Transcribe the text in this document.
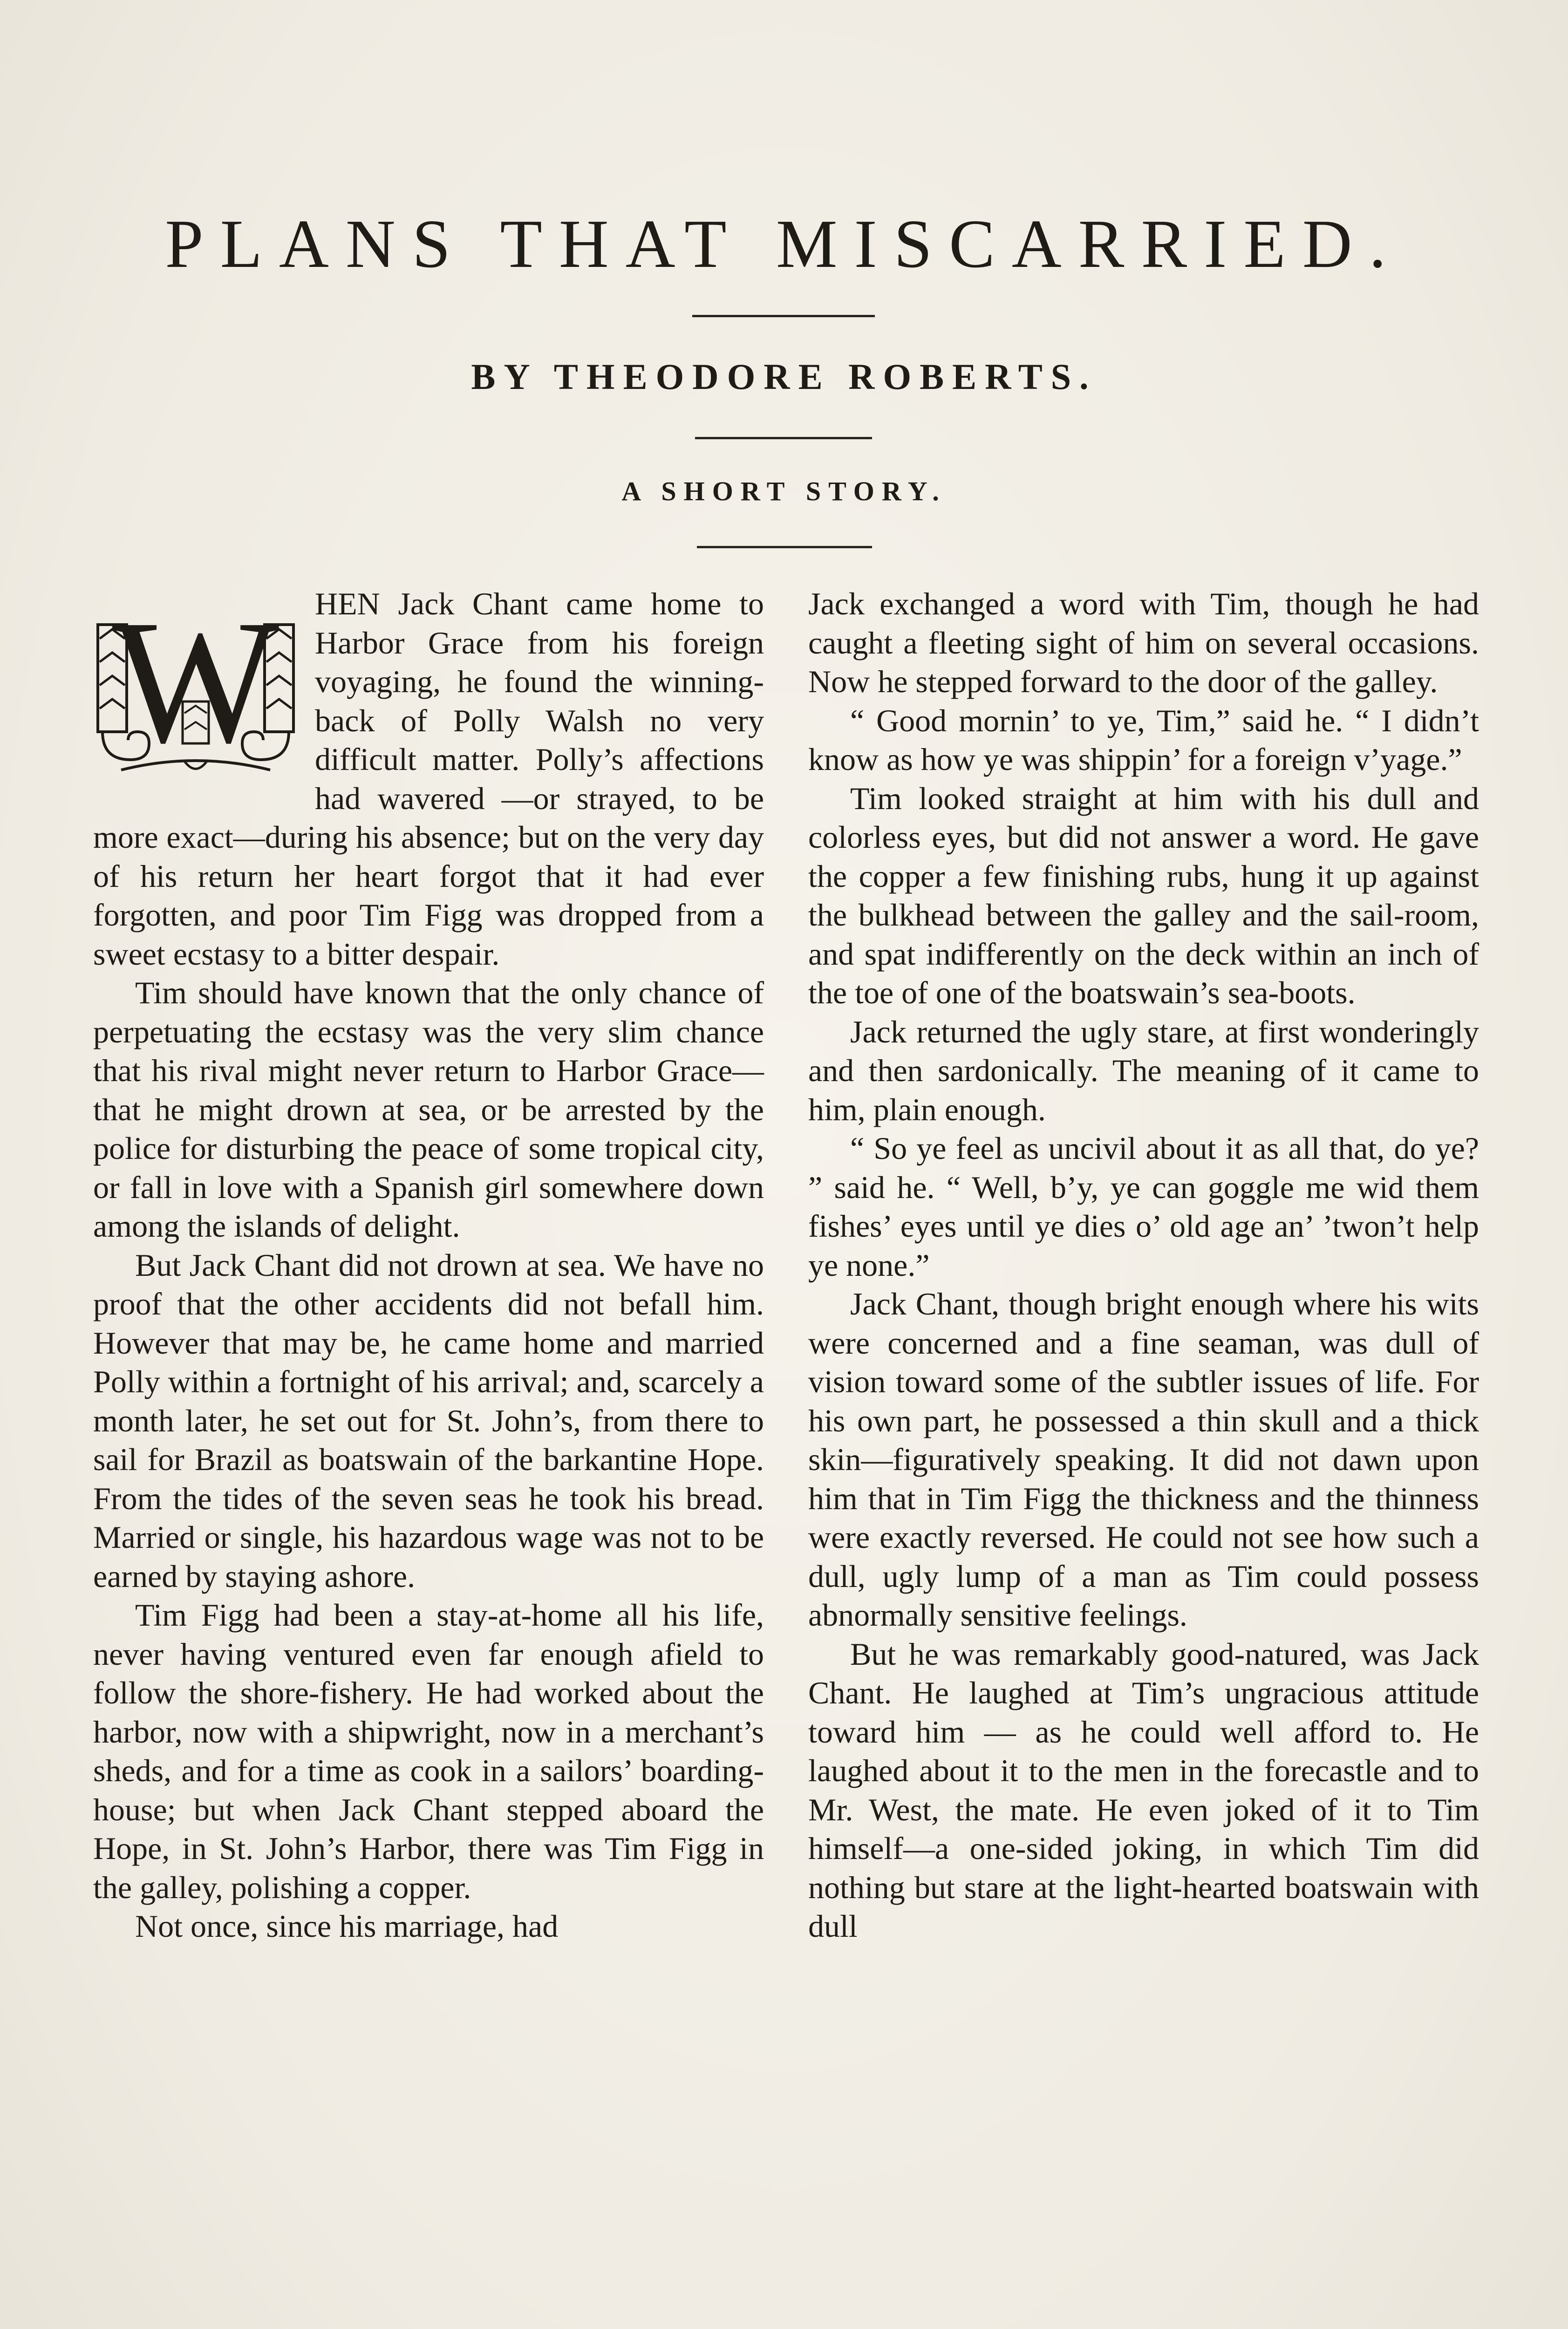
PLANS THAT MISCARRIED.
BY THEODORE ROBERTS.
A SHORT STORY.
W	HEN Jack Chant came home to Harbor Grace from his foreign voyaging, he found the winning-back of Polly Walsh no very difficult matter. Polly’s affections had wavered —or strayed, to be more exact—during his absence; but on the very day of his return her heart forgot that it had ever forgotten, and poor Tim Figg was dropped from a sweet ecstasy to a bitter despair.

Tim should have known that the only chance of perpetuating the ecstasy was the very slim chance that his rival might never return to Harbor Grace—that he might drown at sea, or be arrested by the police for disturbing the peace of some tropical city, or fall in love with a Spanish girl somewhere down among the islands of delight.

But Jack Chant did not drown at sea. We have no proof that the other accidents did not befall him. However that may be, he came home and married Polly within a fortnight of his arrival; and, scarcely a month later, he set out for St. John’s, from there to sail for Brazil as boatswain of the barkantine Hope. From the tides of the seven seas he took his bread. Married or single, his hazardous wage was not to be earned by staying ashore.

Tim Figg had been a stay-at-home all his life, never having ventured even far enough afield to follow the shore-fishery. He had worked about the harbor, now with a shipwright, now in a merchant’s sheds, and for a time as cook in a sailors’ boarding-house; but when Jack Chant stepped aboard the Hope, in St. John’s Harbor, there was Tim Figg in the galley, polishing a copper.

Not once, since his marriage, had

Jack exchanged a word with Tim, though he had caught a fleeting sight of him on several occasions. Now he stepped forward to the door of the galley.

“ Good mornin’ to ye, Tim,” said he. “ I didn’t know as how ye was shippin’ for a foreign v’yage.”

Tim looked straight at him with his dull and colorless eyes, but did not answer a word. He gave the copper a few finishing rubs, hung it up against the bulkhead between the galley and the sail-room, and spat indifferently on the deck within an inch of the toe of one of the boatswain’s sea-boots.

Jack returned the ugly stare, at first wonderingly and then sardonically. The meaning of it came to him, plain enough.

“ So ye feel as uncivil about it as all that, do ye? ” said he. “ Well, b’y, ye can goggle me wid them fishes’ eyes until ye dies o’ old age an’ ’twon’t help ye none.”

Jack Chant, though bright enough where his wits were concerned and a fine seaman, was dull of vision toward some of the subtler issues of life. For his own part, he possessed a thin skull and a thick skin—figuratively speaking. It did not dawn upon him that in Tim Figg the thickness and the thinness were exactly reversed. He could not see how such a dull, ugly lump of a man as Tim could possess abnormally sensitive feelings.

But he was remarkably good-natured, was Jack Chant. He laughed at Tim’s ungracious attitude toward him — as he could well afford to. He laughed about it to the men in the forecastle and to Mr. West, the mate. He even joked of it to Tim himself—a one-sided joking, in which Tim did nothing but stare at the light-hearted boatswain with dull
